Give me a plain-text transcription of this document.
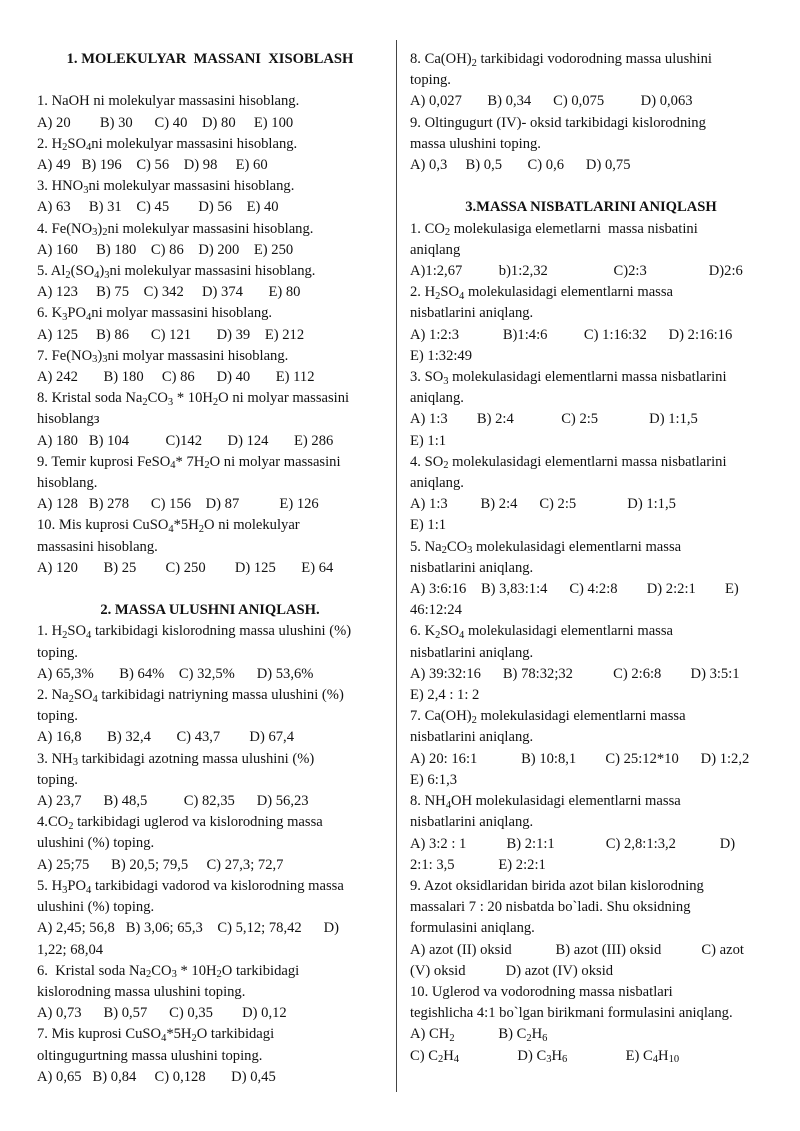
1. MOLEKULYAR  MASSANI  XISOBLASH
1. NaOH ni molekulyar massasini hisoblang.
A) 20        B) 30      C) 40    D) 80     E) 100
2. $H_2SO_4ni$ molekulyar massasini hisoblang.
A) 49   B) 196    C) 56    D) 98     E) 60
3. $HNO_3ni$ molekulyar massasini hisoblang.
A) 63     B) 31    C) 45        D) 56    E) 40
4. $Fe(NO_3)_2ni$ molekulyar massasini hisoblang.
A) 160     B) 180    C) 86    D) 200    E) 250
5. $Al_2(SO_4)_3ni$ molekulyar massasini hisoblang.
A) 123     B) 75    C) 342     D) 374       E) 80
6. $K_3PO_4ni$ molyar massasini hisoblang.
A) 125     B) 86      C) 121       D) 39    E) 212
7. $Fe(NO_3)_3ni$ molyar massasini hisoblang.
A) 242       B) 180     C) 86      D) 40       E) 112
8. Kristal soda $Na_2CO_3 * 10H_2O$ ni molyar massasini
hisoblangз
A) 180   B) 104          C)142       D) 124       E) 286
9. Temir kuprosi FeSO$_4$* $7H_2O$ ni molyar massasini
hisoblang.
A) 128   B) 278      C) 156    D) 87           E) 126
10. Mis kuprosi $CuSO_4*5H_2O$ ni molekulyar
massasini hisoblang.
A) 120       B) 25        C) 250        D) 125       E) 64
2. MASSA ULUSHNI ANIQLASH.
1. $H_2SO_4$ tarkibidagi kislorodning massa ulushini (%)
toping.
A) 65,3%       B) 64%    C) 32,5%      D) 53,6%
2. $Na_2SO_4$ tarkibidagi natriyning massa ulushini (%)
toping.
A) 16,8       B) 32,4       C) 43,7        D) 67,4
3. $NH_3$ tarkibidagi azotning massa ulushini (%)
toping.
A) 23,7      B) 48,5          C) 82,35      D) 56,23
$4.CO_2$ tarkibidagi uglerod va kislorodning massa
ulushini (%) toping.
A) 25;75      B) 20,5; 79,5     C) 27,3; 72,7
5. $H_3PO_4$ tarkibidagi vadorod va kislorodning massa
ulushini (%) toping.
A) 2,45; 56,8   B) 3,06; 65,3    C) 5,12; 78,42      D)
1,22; 68,04
6.  Kristal soda $Na_2CO_3 * 10H_2O$ tarkibidagi
kislorodning massa ulushini toping.
A) 0,73      B) 0,57      C) 0,35        D) 0,12
7. Mis kuprosi $CuSO_4*5H_2O$ tarkibidagi
oltingugurtning massa ulushini toping.
A) 0,65   B) 0,84     C) 0,128       D) 0,45
8. $Ca(OH)_2$ tarkibidagi vodorodning massa ulushini
toping.
A) 0,027       B) 0,34      C) 0,075          D) 0,063
9. Oltingugurt (IV)- oksid tarkibidagi kislorodning
massa ulushini toping.
A) 0,3     B) 0,5       C) 0,6      D) 0,75
3.MASSA NISBATLARINI ANIQLASH
1. $CO_2$ molekulasiga elemetlarni  massa nisbatini
aniqlang
A)1:2,67          b)1:2,32                  C)2:3                 D)2:6
2. $H_2SO_4$ molekulasidagi elementlarni massa
nisbatlarini aniqlang.
A) 1:2:3            B)1:4:6          C) 1:16:32      D) 2:16:16
E) 1:32:49
3. $SO_3$ molekulasidagi elementlarni massa nisbatlarini
aniqlang.
A) 1:3        B) 2:4             C) 2:5              D) 1:1,5
E) 1:1
4. $SO_2$ molekulasidagi elementlarni massa nisbatlarini
aniqlang.
A) 1:3         B) 2:4      C) 2:5              D) 1:1,5
E) 1:1
5. $Na_2CO_3$ molekulasidagi elementlarni massa
nisbatlarini aniqlang.
A) 3:6:16    B) 3,83:1:4      C) 4:2:8        D) 2:2:1        E)
46:12:24
6. $K_2SO_4$ molekulasidagi elementlarni massa
nisbatlarini aniqlang.
A) 39:32:16      B) 78:32;32           C) 2:6:8        D) 3:5:1
E) 2,4 : 1: 2
7. $Ca(OH)_2$ molekulasidagi elementlarni massa
nisbatlarini aniqlang.
A) 20: 16:1            B) 10:8,1        C) 25:12*10      D) 1:2,2
E) 6:1,3
8. $NH_4OH$ molekulasidagi elementlarni massa
nisbatlarini aniqlang.
A) 3:2 : 1           B) 2:1:1              C) 2,8:1:3,2            D)
2:1: 3,5            E) 2:2:1
9. Azot oksidlaridan birida azot bilan kislorodning
massalari 7 : 20 nisbatda bo`ladi. Shu oksidning
formulasini aniqlang.
A) azot (II) oksid            B) azot (III) oksid           C) azot
(V) oksid           D) azot (IV) oksid
10. Uglerod va vodorodning massa nisbatlari
tegishlicha 4:1 bo`lgan birikmani formulasini aniqlang.
A) $CH_2$            B) $C_2H_6$
C) $C_2H_4$                D) $C_3H_6$                E) $C_4H_{10}$
